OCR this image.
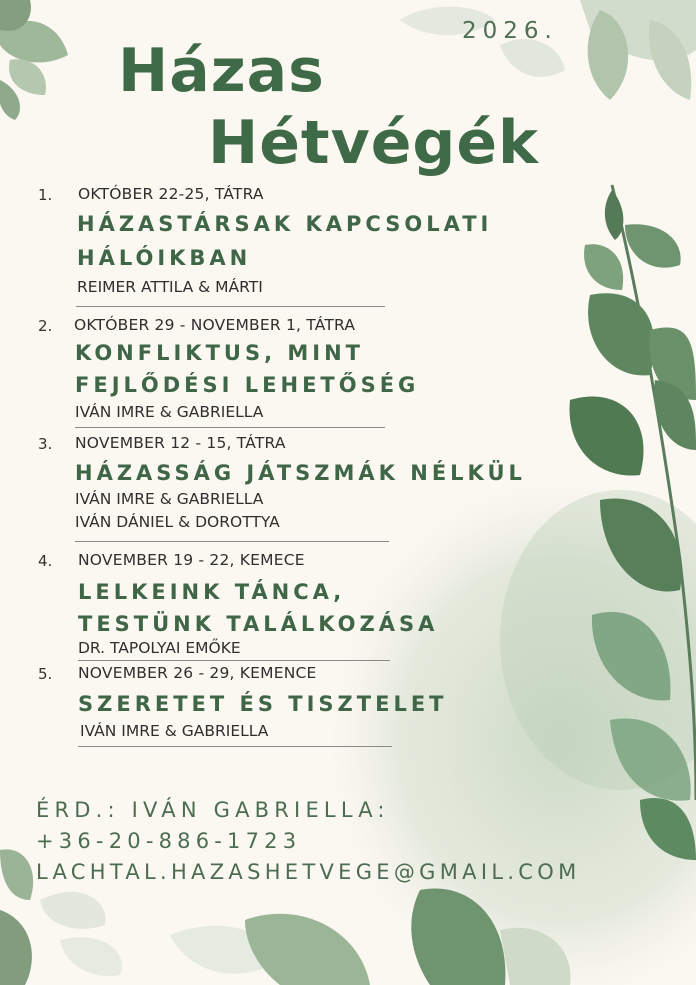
2026.
Házas
Hétvégék
1. OKTÓBER 22-25, TÁTRA
HÁZASTÁRSAK KAPCSOLATI
HÁLÓIKBAN
REIMER ATTILA & MÁRTI
2. OKTÓBER 29 - NOVEMBER 1, TÁTRA
KONFLIKTUS, MINT
FEJLŐDÉSI LEHETŐSÉG
IVÁN IMRE & GABRIELLA
3. NOVEMBER 12 - 15, TÁTRA
HÁZASSÁG JÁTSZMÁK NÉLKÜL
IVÁN IMRE & GABRIELLA
IVÁN DÁNIEL & DOROTTYA
4. NOVEMBER 19 - 22, KEMECE
LELKEINK TÁNCA,
TESTÜNK TALÁLKOZÁSA
DR. TAPOLYAI EMŐKE
5. NOVEMBER 26 - 29, KEMENCE
SZERETET ÉS TISZTELET
IVÁN IMRE & GABRIELLA
ÉRD.: IVÁN GABRIELLA:
+36-20-886-1723
LACHTAL.HAZASHETVEGE@GMAIL.COM
